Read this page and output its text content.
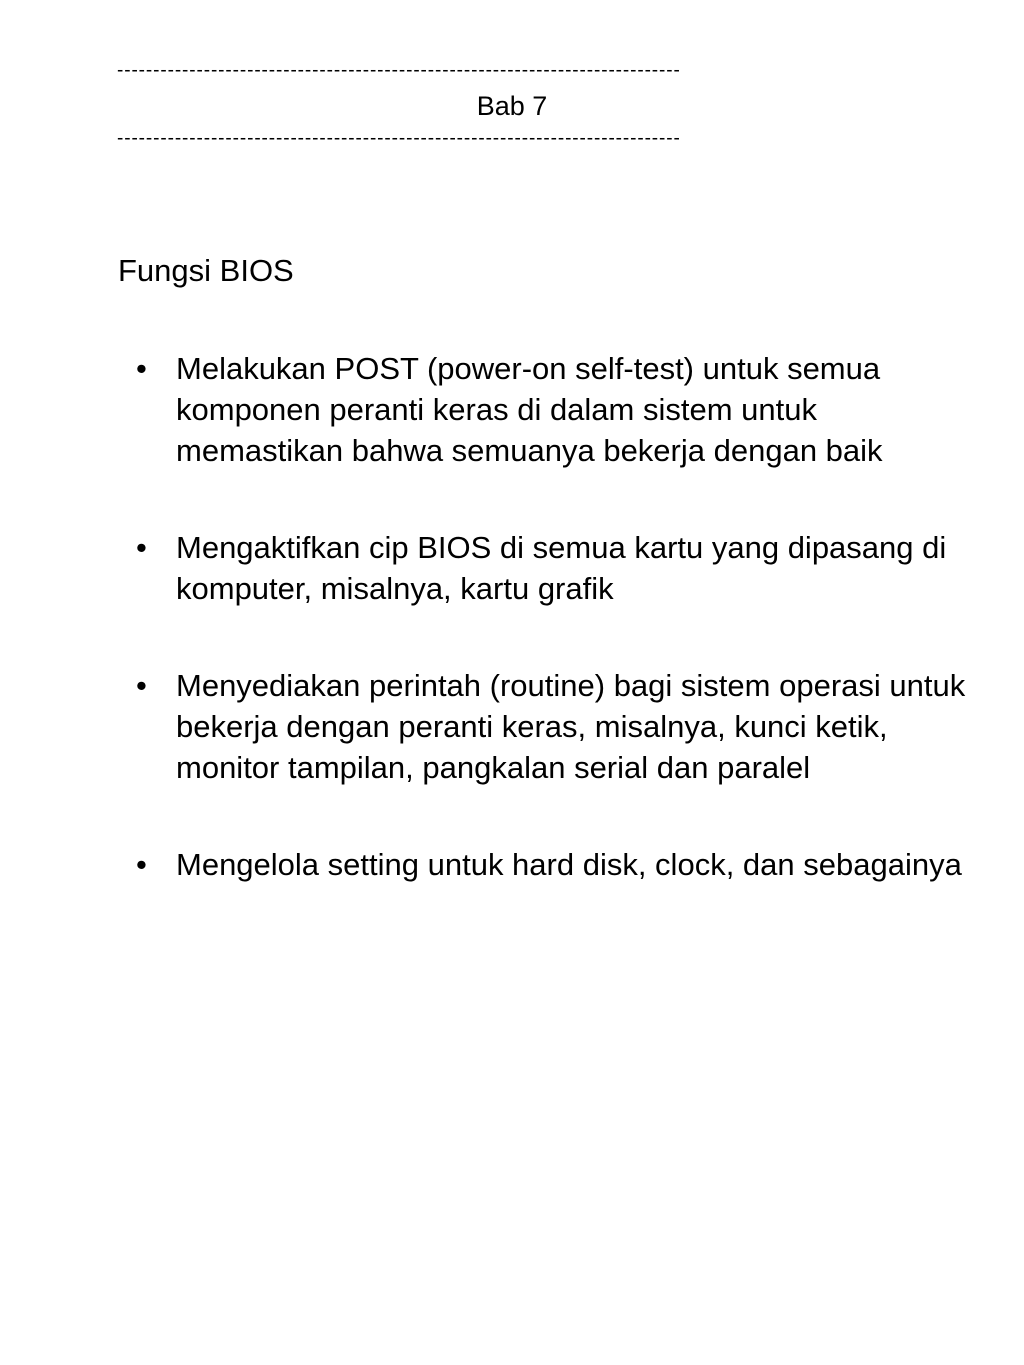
------------------------------------------------------------------------------
Bab 7
------------------------------------------------------------------------------
Fungsi BIOS
• Melakukan POST (power-on self-test) untuk semua komponen peranti keras di dalam sistem untuk memastikan bahwa semuanya bekerja dengan baik
• Mengaktifkan cip BIOS di semua kartu yang dipasang di komputer, misalnya, kartu grafik
• Menyediakan perintah (routine) bagi sistem operasi untuk bekerja dengan peranti keras, misalnya, kunci ketik, monitor tampilan, pangkalan serial dan paralel
• Mengelola setting untuk hard disk, clock, dan sebagainya
